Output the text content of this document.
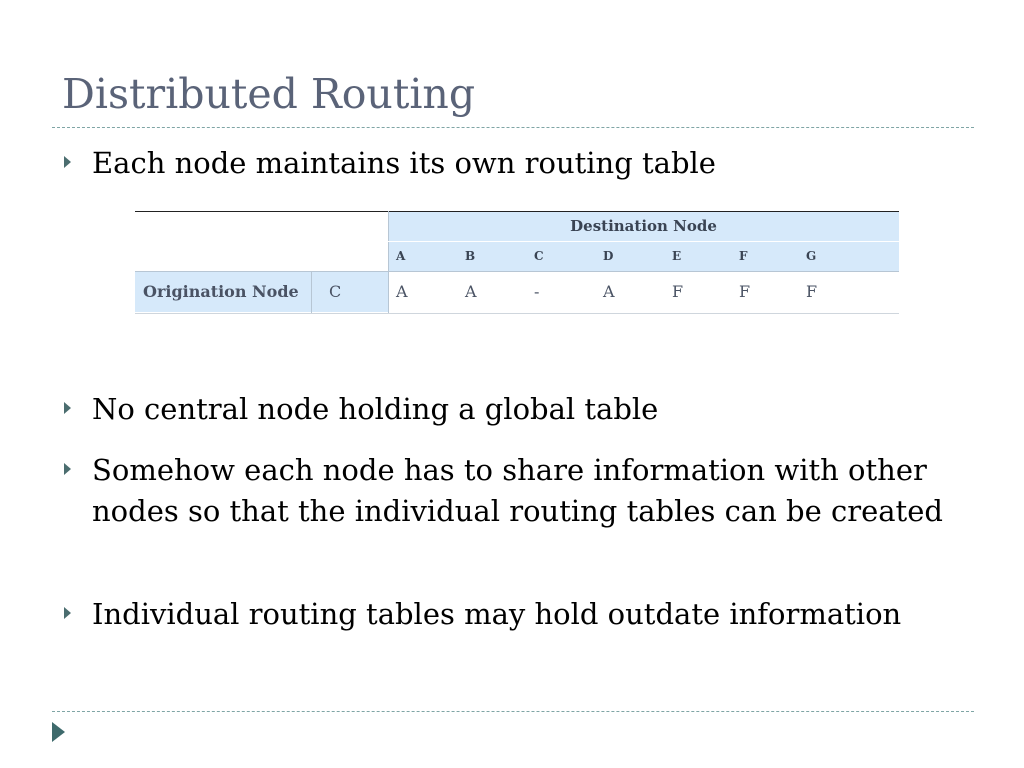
Distributed Routing
Each node maintains its own routing table
		Destination Node						
		A	B	C	D	E	F	G
Origination Node	C	A	A	-	A	F	F	F
No central node holding a global table
Somehow each node has to share information with other nodes so that the individual routing tables can be created
Individual routing tables may hold outdate information
